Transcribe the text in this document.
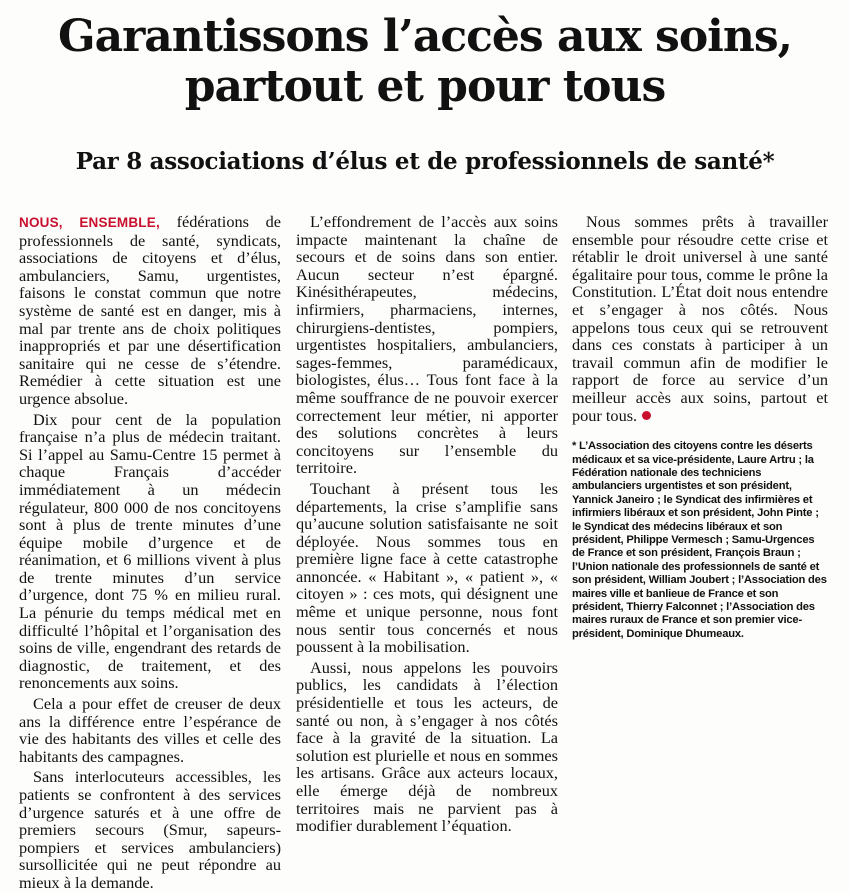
Garantissons l’accès aux soins,
partout et pour tous
Par 8 associations d’élus et de professionnels de santé*

NOUS, ENSEMBLE, fédérations de professionnels de santé, syndicats, associations de citoyens et d’élus, ambulanciers, Samu, urgentistes, faisons le constat commun que notre système de santé est en danger, mis à mal par trente ans de choix politiques inappropriés et par une désertification sanitaire qui ne cesse de s’étendre. Remédier à cette situation est une urgence absolue.

Dix pour cent de la population française n’a plus de médecin traitant. Si l’appel au Samu-Centre 15 permet à chaque Français d’accéder immédiatement à un médecin régulateur, 800 000 de nos concitoyens sont à plus de trente minutes d’une équipe mobile d’urgence et de réanimation, et 6 millions vivent à plus de trente minutes d’un service d’urgence, dont 75 % en milieu rural. La pénurie du temps médical met en difficulté l’hôpital et l’organisation des soins de ville, engendrant des retards de diagnostic, de traitement, et des renoncements aux soins.

Cela a pour effet de creuser de deux ans la différence entre l’espérance de vie des habitants des villes et celle des habitants des campagnes.

Sans interlocuteurs accessibles, les patients se confrontent à des services d’urgence saturés et à une offre de premiers secours (Smur, sapeurs-pompiers et services ambulanciers) sursollicitée qui ne peut répondre au mieux à la demande.

L’effondrement de l’accès aux soins impacte maintenant la chaîne de secours et de soins dans son entier. Aucun secteur n’est épargné. Kinésithérapeutes, médecins, infirmiers, pharmaciens, internes, chirurgiens-dentistes, pompiers, urgentistes hospitaliers, ambulanciers, sages-femmes, paramédicaux, biologistes, élus… Tous font face à la même souffrance de ne pouvoir exercer correctement leur métier, ni apporter des solutions concrètes à leurs concitoyens sur l’ensemble du territoire.

Touchant à présent tous les départements, la crise s’amplifie sans qu’aucune solution satisfaisante ne soit déployée. Nous sommes tous en première ligne face à cette catastrophe annoncée. « Habitant », « patient », « citoyen » : ces mots, qui désignent une même et unique personne, nous font nous sentir tous concernés et nous poussent à la mobilisation.

Aussi, nous appelons les pouvoirs publics, les candidats à l’élection présidentielle et tous les acteurs, de santé ou non, à s’engager à nos côtés face à la gravité de la situation. La solution est plurielle et nous en sommes les artisans. Grâce aux acteurs locaux, elle émerge déjà de nombreux territoires mais ne parvient pas à modifier durablement l’équation.

Nous sommes prêts à travailler ensemble pour résoudre cette crise et rétablir le droit universel à une santé égalitaire pour tous, comme le prône la Constitution. L’État doit nous entendre et s’engager à nos côtés. Nous appelons tous ceux qui se retrouvent dans ces constats à participer à un travail commun afin de modifier le rapport de force au service d’un meilleur accès aux soins, partout et pour tous.

* L’Association des citoyens contre les déserts médicaux et sa vice-présidente, Laure Artru ; la Fédération nationale des techniciens ambulanciers urgentistes et son président, Yannick Janeiro ; le Syndicat des infirmières et infirmiers libéraux et son président, John Pinte ; le Syndicat des médecins libéraux et son président, Philippe Vermesch ; Samu-Urgences de France et son président, François Braun ; l’Union nationale des professionnels de santé et son président, William Joubert ; l’Association des maires ville et banlieue de France et son président, Thierry Falconnet ; l’Association des maires ruraux de France et son premier vice-président, Dominique Dhumeaux.
